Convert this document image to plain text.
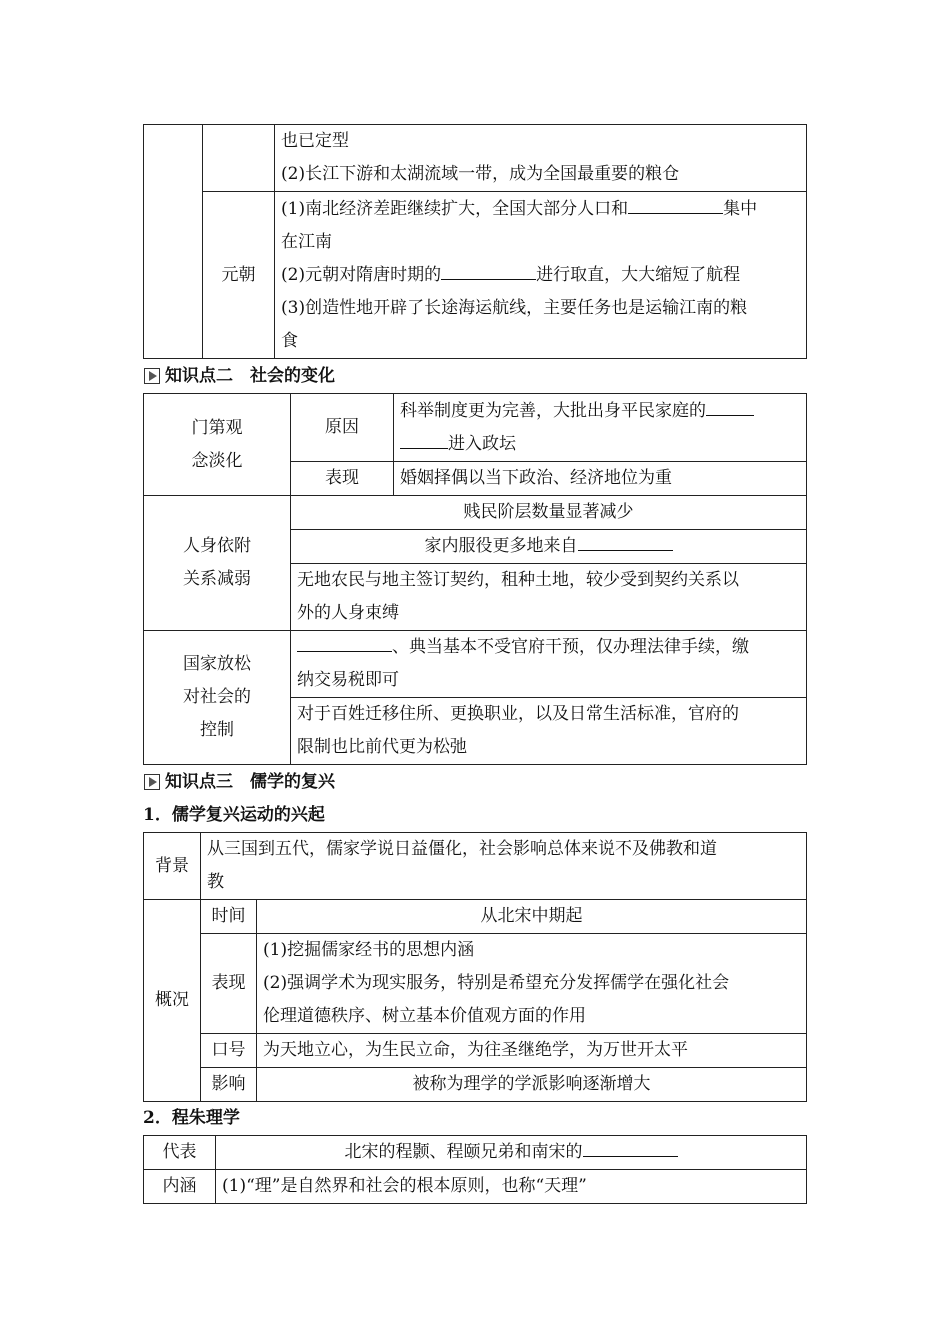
		也已定型
(2)长江下游和太湖流域一带，成为全国最重要的粮仓

	元朝	(1)南北经济差距继续扩大，全国大部分人口和 集中
在江南
(2)元朝对隋唐时期的 进行取直，大大缩短了航程
(3)创造性地开辟了长途海运航线，主要任务也是运输江南的粮
食
知识点二　社会的变化
门第观
念淡化	原因	科举制度更为完善，大批出身平民家庭的
进入政坛
	表现	婚姻择偶以当下政治、经济地位为重

人身依附
关系减弱	贱民阶层数量显著减少	
	家内服役更多地来自	

	无地农民与地主签订契约，租种土地，较少受到契约关系以
外的人身束缚	

国家放松
对社会的
控制	、典当基本不受官府干预，仅办理法律手续，缴
纳交易税即可	

	对于百姓迁移住所、更换职业，以及日常生活标准，官府的
限制也比前代更为松弛	
知识点三　儒学的复兴
1．儒学复兴运动的兴起
背景	从三国到五代，儒家学说日益僵化，社会影响总体来说不及佛教和道
教	

概况	时间	从北宋中期起
	表现	(1)挖掘儒家经书的思想内涵
(2)强调学术为现实服务，特别是希望充分发挥儒学在强化社会
伦理道德秩序、树立基本价值观方面的作用

	口号	为天地立心，为生民立命，为往圣继绝学，为万世开太平
	影响	被称为理学的学派影响逐渐增大
2．程朱理学
代表	北宋的程颢、程颐兄弟和南宋的
内涵	(1)“理”是自然界和社会的根本原则，也称“天理”
